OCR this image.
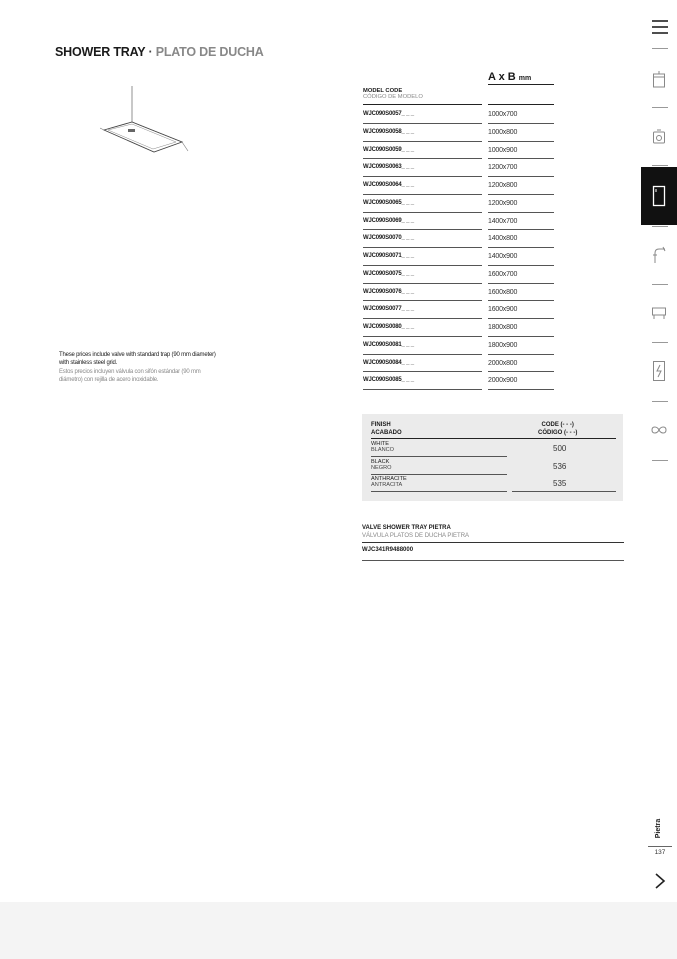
SHOWER TRAY · PLATO DE DUCHA
These prices include valve with standard trap (90 mm diameter) with stainless steel grid.
Estos precios incluyen válvula con sifón estándar (90 mm diámetro) con rejilla de acero inoxidable.
A x B mm
MODEL CODE
CÓDIGO DE MODELO
WJC090S0057_ _ _	1000x700
WJC090S0058_ _ _	1000x800
WJC090S0059_ _ _	1000x900
WJC090S0063_ _ _	1200x700
WJC090S0064_ _ _	1200x800
WJC090S0065_ _ _	1200x900
WJC090S0069_ _ _	1400x700
WJC090S0070_ _ _	1400x800
WJC090S0071_ _ _	1400x900
WJC090S0075_ _ _	1600x700
WJC090S0076_ _ _	1600x800
WJC090S0077_ _ _	1600x900
WJC090S0080_ _ _	1800x800
WJC090S0081_ _ _	1800x900
WJC090S0084_ _ _	2000x800
WJC090S0085_ _ _	2000x900
FINISH
ACABADO
CODE (- - -)
CÓDIGO (- - -)
WHITE
BLANCO	500
BLACK
NEGRO	536
ANTHRACITE
ANTRACITA	535
VALVE SHOWER TRAY PIETRA
VÁLVULA PLATOS DE DUCHA PIETRA
WJC341R9488000
Pietra
137
